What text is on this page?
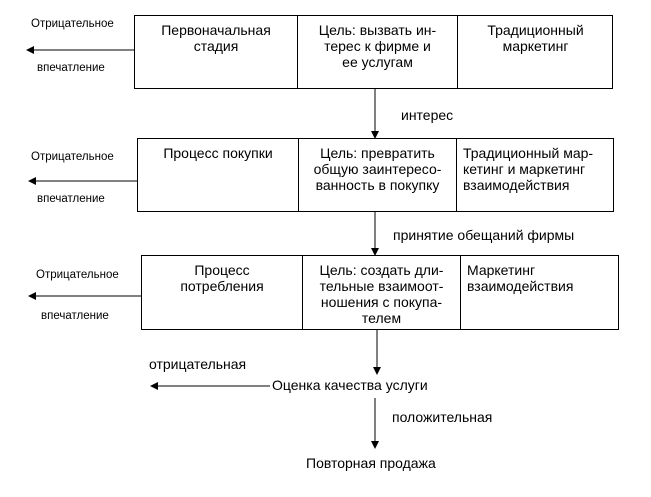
Отрицательное
впечатление
Первоначальная
стадия
Цель: вызвать ин-
терес к фирме и
ее услугам
Традиционный
маркетинг
интерес
Отрицательное
впечатление
Процесс покупки	Цель: превратить
общую заинтересо-
ванность в покупку
Традиционный мар-
кетинг и маркетинг
взаимодействия
принятие обещаний фирмы
Отрицательное
впечатление
Процесс
потребления
Цель: создать дли-
тельные взаимоот-
ношения с покупа-
телем
Маркетинг
взаимодействия
отрицательная
Оценка качества услуги
положительная
Повторная продажа
